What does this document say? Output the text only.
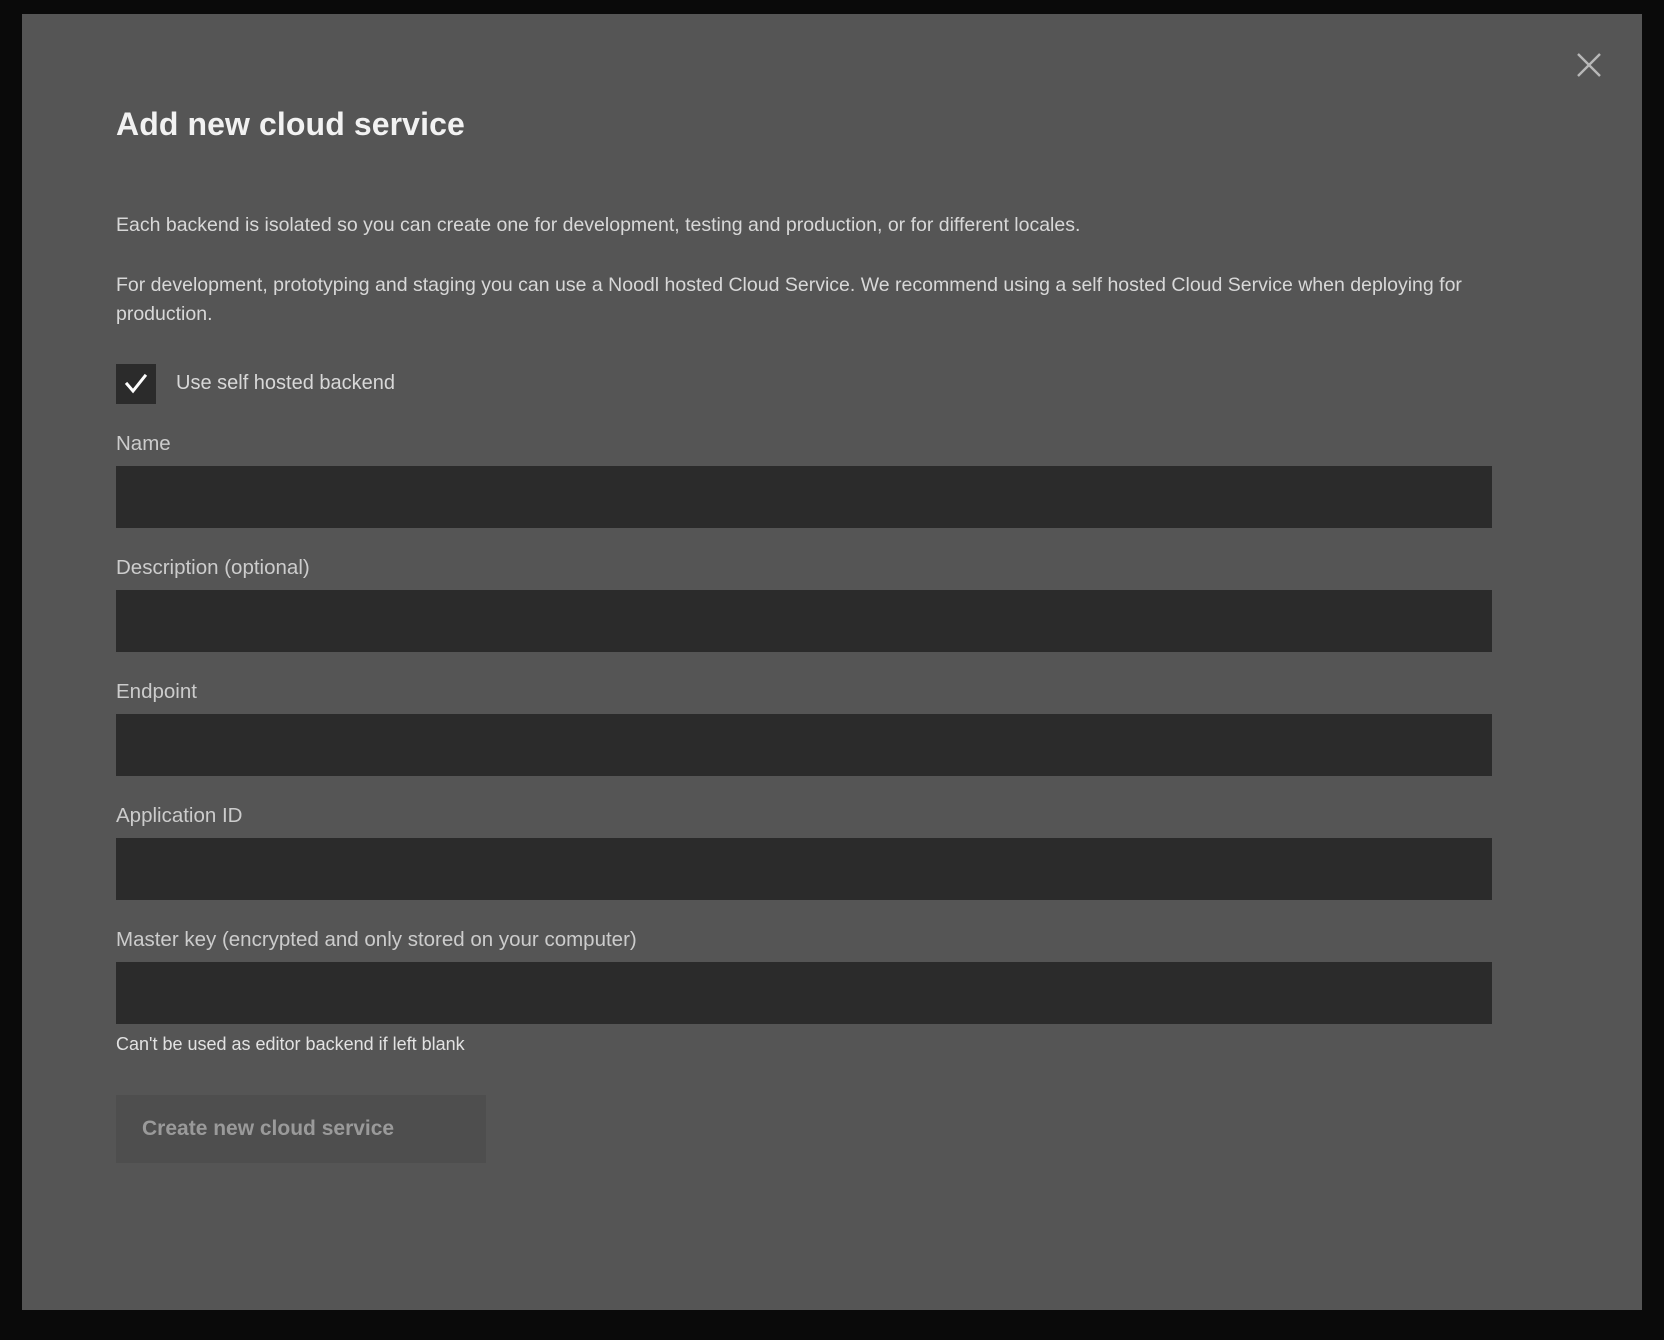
Add new cloud service

Each backend is isolated so you can create one for development, testing and production, or for different locales.

For development, prototyping and staging you can use a Noodl hosted Cloud Service. We recommend using a self hosted Cloud Service when deploying for production.

Use self hosted backend
Name
Description (optional)
Endpoint
Application ID
Master key (encrypted and only stored on your computer)
Can't be used as editor backend if left blank
Create new cloud service
